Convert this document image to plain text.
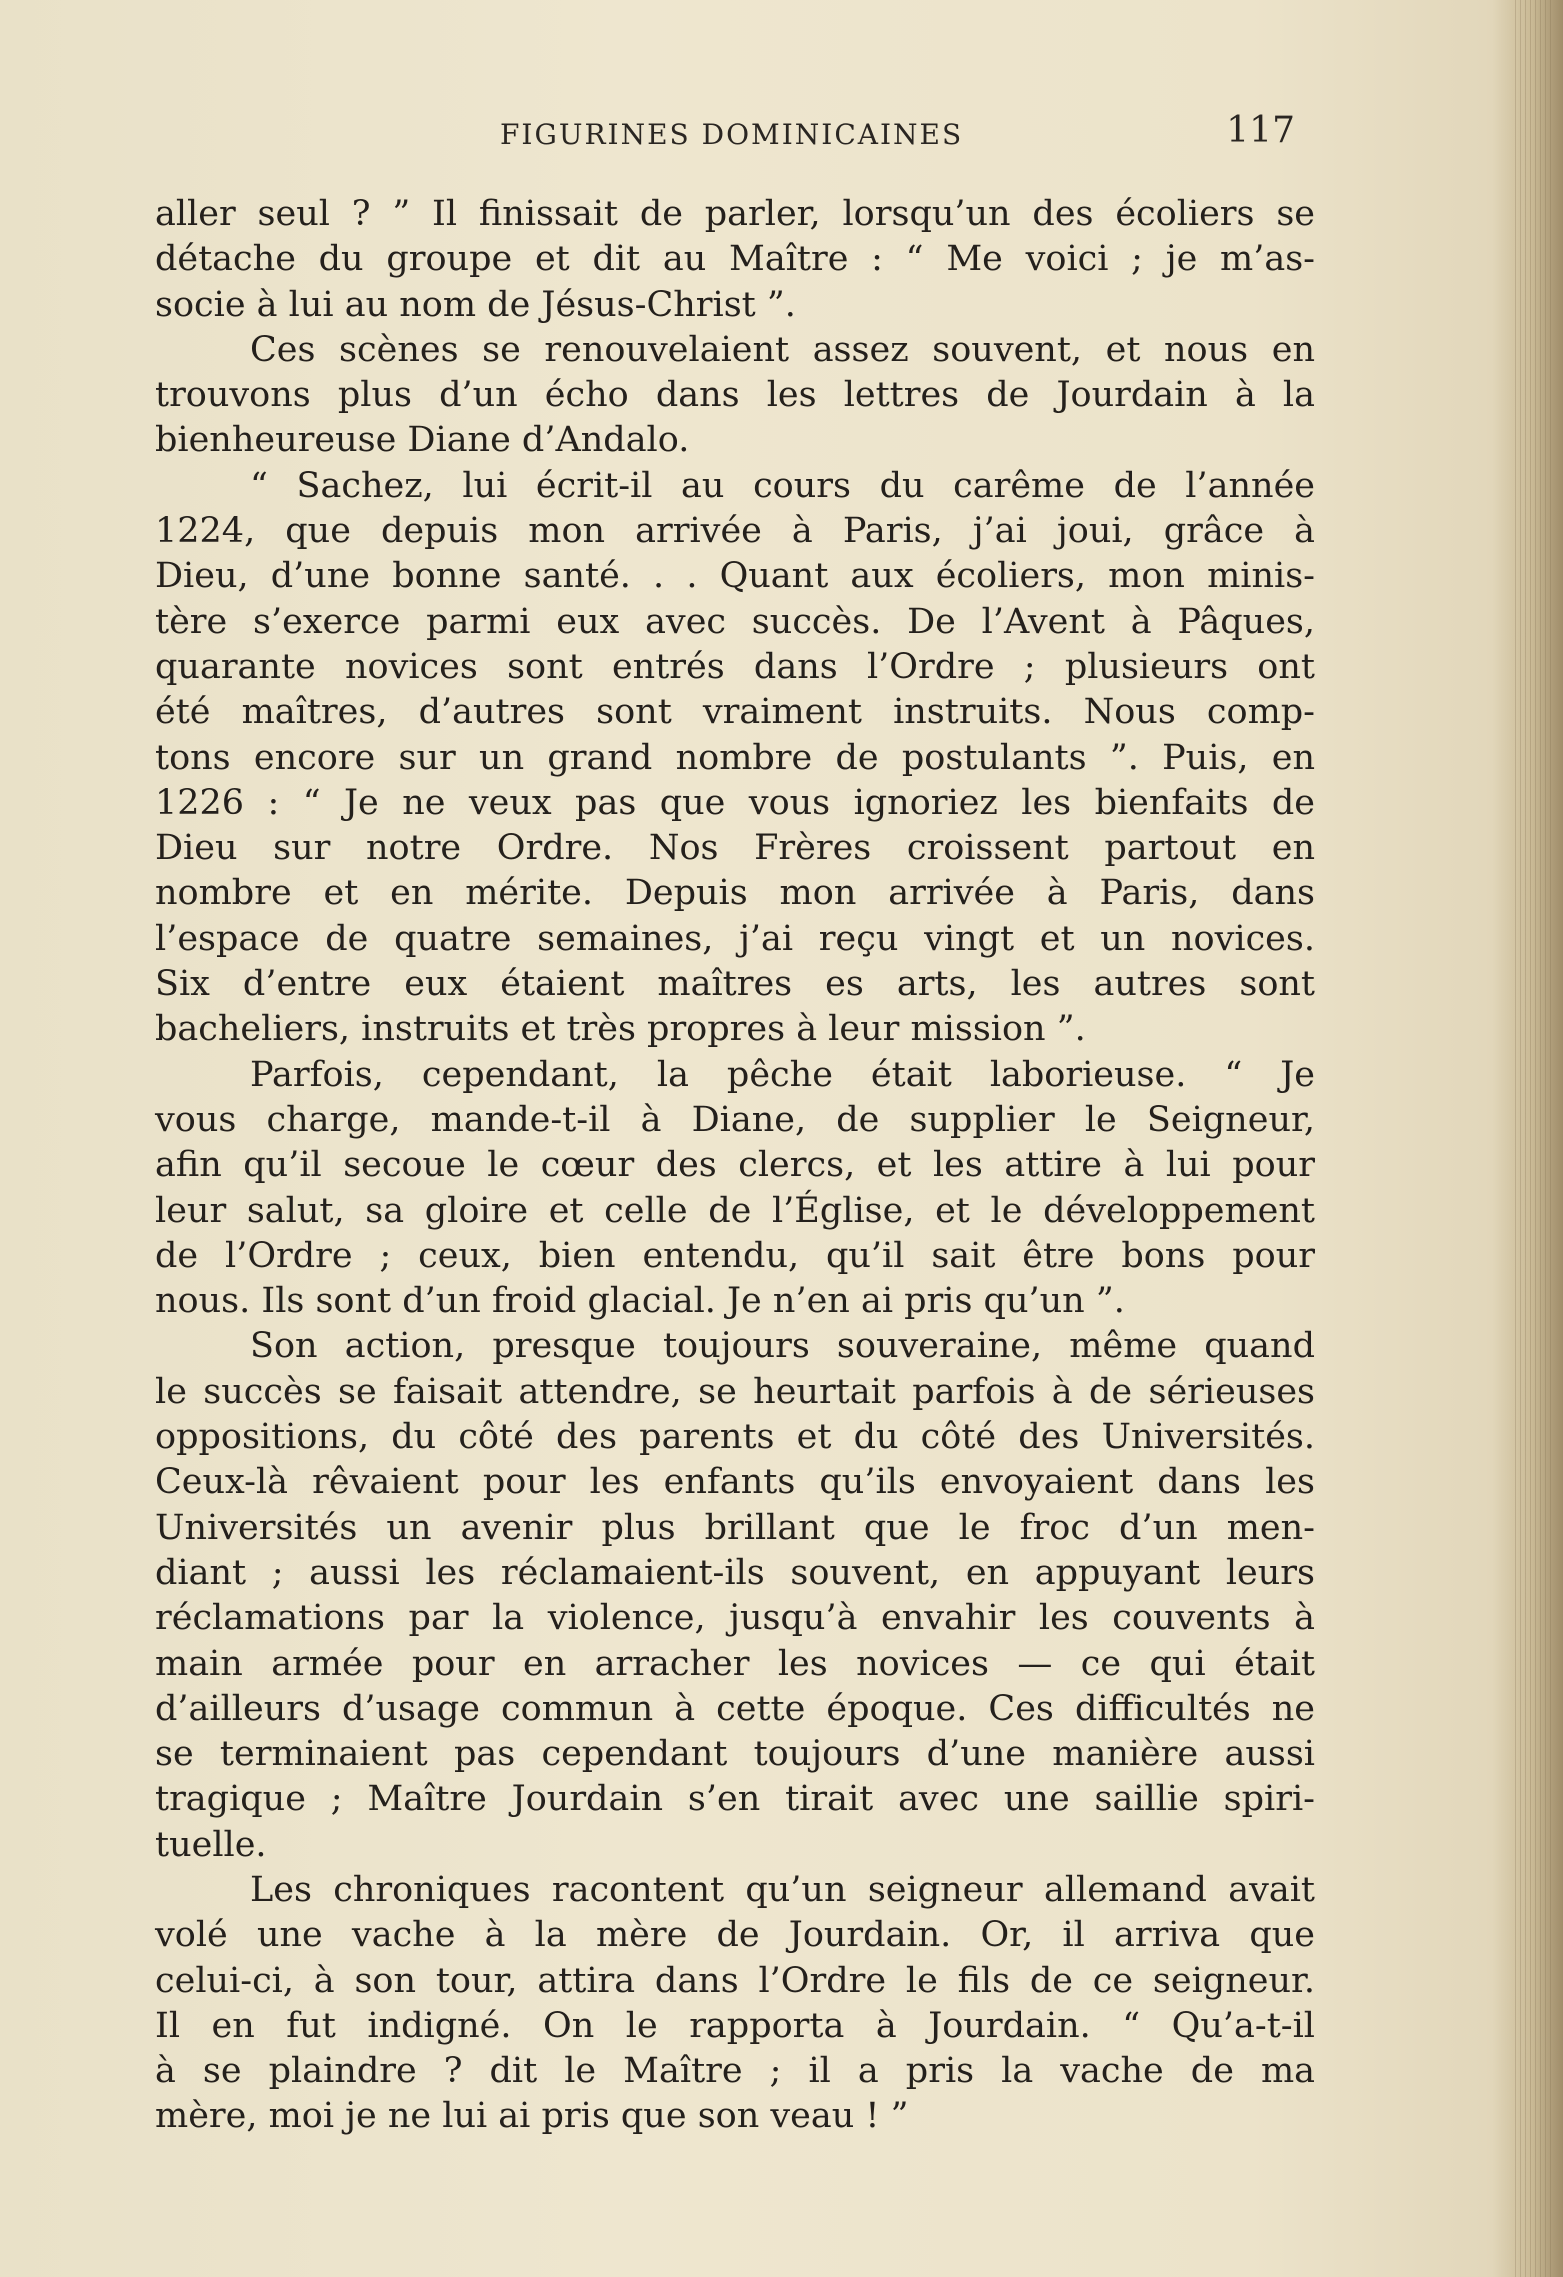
FIGURINES DOMINICAINES	117
aller seul ? ” Il finissait de parler, lorsqu’un des écoliers se
détache du groupe et dit au Maître : “ Me voici ; je m’as-
socie à lui au nom de Jésus-Christ ”.
Ces scènes se renouvelaient assez souvent, et nous en
trouvons plus d’un écho dans les lettres de Jourdain à la
bienheureuse Diane d’Andalo.
“ Sachez, lui écrit-il au cours du carême de l’année
1224, que depuis mon arrivée à Paris, j’ai joui, grâce à
Dieu, d’une bonne santé. . . Quant aux écoliers, mon minis-
tère s’exerce parmi eux avec succès. De l’Avent à Pâques,
quarante novices sont entrés dans l’Ordre ; plusieurs ont
été maîtres, d’autres sont vraiment instruits. Nous comp-
tons encore sur un grand nombre de postulants ”. Puis, en
1226 : “ Je ne veux pas que vous ignoriez les bienfaits de
Dieu sur notre Ordre. Nos Frères croissent partout en
nombre et en mérite. Depuis mon arrivée à Paris, dans
l’espace de quatre semaines, j’ai reçu vingt et un novices.
Six d’entre eux étaient maîtres es arts, les autres sont
bacheliers, instruits et très propres à leur mission ”.
Parfois, cependant, la pêche était laborieuse. “ Je
vous charge, mande-t-il à Diane, de supplier le Seigneur,
afin qu’il secoue le cœur des clercs, et les attire à lui pour
leur salut, sa gloire et celle de l’Église, et le développement
de l’Ordre ; ceux, bien entendu, qu’il sait être bons pour
nous. Ils sont d’un froid glacial. Je n’en ai pris qu’un ”.
Son action, presque toujours souveraine, même quand
le succès se faisait attendre, se heurtait parfois à de sérieuses
oppositions, du côté des parents et du côté des Universités.
Ceux-là rêvaient pour les enfants qu’ils envoyaient dans les
Universités un avenir plus brillant que le froc d’un men-
diant ; aussi les réclamaient-ils souvent, en appuyant leurs
réclamations par la violence, jusqu’à envahir les couvents à
main armée pour en arracher les novices — ce qui était
d’ailleurs d’usage commun à cette époque. Ces difficultés ne
se terminaient pas cependant toujours d’une manière aussi
tragique ; Maître Jourdain s’en tirait avec une saillie spiri-
tuelle.
Les chroniques racontent qu’un seigneur allemand avait
volé une vache à la mère de Jourdain. Or, il arriva que
celui-ci, à son tour, attira dans l’Ordre le fils de ce seigneur.
Il en fut indigné. On le rapporta à Jourdain. “ Qu’a-t-il
à se plaindre ? dit le Maître ; il a pris la vache de ma
mère, moi je ne lui ai pris que son veau ! ”
